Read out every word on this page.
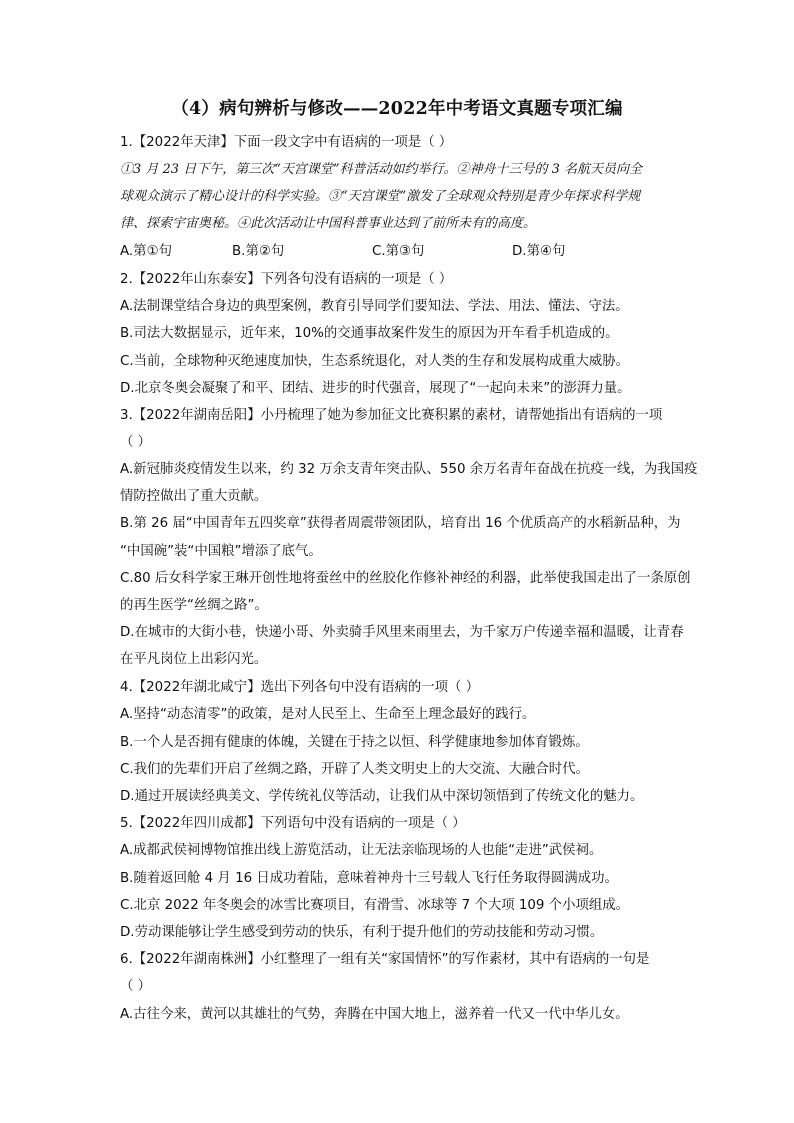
（4）病句辨析与修改——2022年中考语文真题专项汇编
1.【2022年天津】下面一段文字中有语病的一项是（ ）
①3 月 23 日下午，第三次“天宫课堂”科普活动如约举行。②神舟十三号的 3 名航天员向全
球观众演示了精心设计的科学实验。③“天宫课堂”激发了全球观众特别是青少年探求科学规
律、探索宇宙奥秘。④此次活动让中国科普事业达到了前所未有的高度。
A.第①句	B.第②句	C.第③句	D.第④句
2.【2022年山东泰安】下列各句没有语病的一项是（ ）
A.法制课堂结合身边的典型案例，教育引导同学们要知法、学法、用法、懂法、守法。
B.司法大数据显示，近年来，10%的交通事故案件发生的原因为开车看手机造成的。
C.当前，全球物种灭绝速度加快，生态系统退化，对人类的生存和发展构成重大威胁。
D.北京冬奥会凝聚了和平、团结、进步的时代强音，展现了“一起向未来”的澎湃力量。
3.【2022年湖南岳阳】小丹梳理了她为参加征文比赛积累的素材，请帮她指出有语病的一项
（ ）
A.新冠肺炎疫情发生以来，约 32 万余支青年突击队、550 余万名青年奋战在抗疫一线，为我国疫
情防控做出了重大贡献。
B.第 26 届“中国青年五四奖章”获得者周震带领团队，培育出 16 个优质高产的水稻新品种，为
“中国碗”装“中国粮”增添了底气。
C.80 后女科学家王琳开创性地将蚕丝中的丝胶化作修补神经的利器，此举使我国走出了一条原创
的再生医学“丝绸之路”。
D.在城市的大街小巷，快递小哥、外卖骑手风里来雨里去，为千家万户传递幸福和温暖，让青春
在平凡岗位上出彩闪光。
4.【2022年湖北咸宁】选出下列各句中没有语病的一项（ ）
A.坚持“动态清零”的政策，是对人民至上、生命至上理念最好的践行。
B.一个人是否拥有健康的体魄，关键在于持之以恒、科学健康地参加体育锻炼。
C.我们的先辈们开启了丝绸之路，开辟了人类文明史上的大交流、大融合时代。
D.通过开展读经典美文、学传统礼仪等活动，让我们从中深切领悟到了传统文化的魅力。
5.【2022年四川成都】下列语句中没有语病的一项是（ ）
A.成都武侯祠博物馆推出线上游览活动，让无法亲临现场的人也能“走进”武侯祠。
B.随着返回舱 4 月 16 日成功着陆，意味着神舟十三号载人飞行任务取得圆满成功。
C.北京 2022 年冬奥会的冰雪比赛项目，有滑雪、冰球等 7 个大项 109 个小项组成。
D.劳动课能够让学生感受到劳动的快乐，有利于提升他们的劳动技能和劳动习惯。
6.【2022年湖南株洲】小红整理了一组有关“家国情怀”的写作素材，其中有语病的一句是
（ ）
A.古往今来，黄河以其雄壮的气势，奔腾在中国大地上，滋养着一代又一代中华儿女。
